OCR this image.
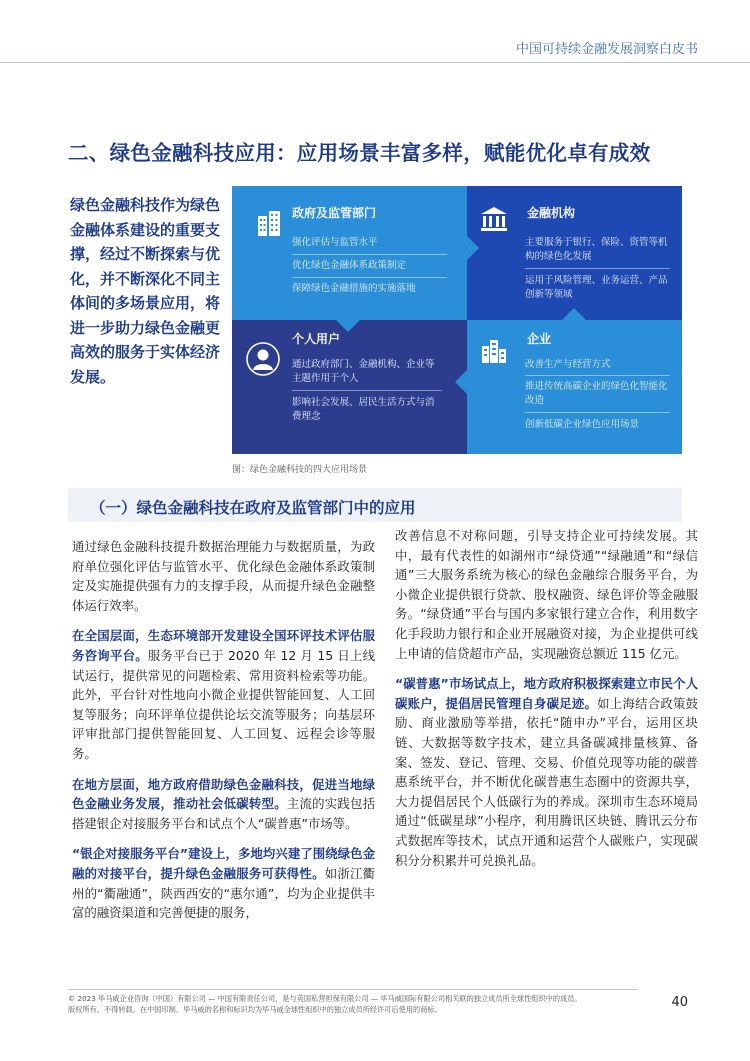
中国可持续金融发展洞察白皮书
二、绿色金融科技应用：应用场景丰富多样，赋能优化卓有成效
绿色金融科技作为绿色金融体系建设的重要支撑，经过不断探索与优化，并不断深化不同主体间的多场景应用，将进一步助力绿色金融更高效的服务于实体经济发展。
政府及监管部门
强化评估与监管水平
优化绿色金融体系政策制定
保障绿色金融措施的实施落地
金融机构
主要服务于银行、保险、资管等机构的绿色化发展
运用于风险管理、业务运营、产品创新等领域
个人用户
通过政府部门、金融机构、企业等主题作用于个人
影响社会发展、居民生活方式与消费理念
企业
改善生产与经营方式
推进传统高碳企业的绿色化智能化改造
创新低碳企业绿色应用场景
图：绿色金融科技的四大应用场景
（一）绿色金融科技在政府及监管部门中的应用

通过绿色金融科技提升数据治理能力与数据质量，为政府单位强化评估与监管水平、优化绿色金融体系政策制定及实施提供强有力的支撑手段，从而提升绿色金融整体运行效率。

在全国层面，生态环境部开发建设全国环评技术评估服务咨询平台。服务平台已于 2020 年 12 月 15 日上线试运行，提供常见的问题检索、常用资料检索等功能。此外，平台针对性地向小微企业提供智能回复、人工回复等服务；向环评单位提供论坛交流等服务；向基层环评审批部门提供智能回复、人工回复、远程会诊等服务。

在地方层面，地方政府借助绿色金融科技，促进当地绿色金融业务发展，推动社会低碳转型。主流的实践包括搭建银企对接服务平台和试点个人“碳普惠”市场等。

“银企对接服务平台”建设上，多地均兴建了围绕绿色金融的对接平台，提升绿色金融服务可获得性。如浙江衢州的“衢融通”，陕西西安的“惠尔通”，均为企业提供丰富的融资渠道和完善便捷的服务，

改善信息不对称问题，引导支持企业可持续发展。其中，最有代表性的如湖州市“绿贷通”“绿融通”和“绿信通”三大服务系统为核心的绿色金融综合服务平台，为小微企业提供银行贷款、股权融资、绿色评价等金融服务。“绿贷通”平台与国内多家银行建立合作，利用数字化手段助力银行和企业开展融资对接，为企业提供可线上申请的信贷超市产品，实现融资总额近 115 亿元。

“碳普惠”市场试点上，地方政府积极探索建立市民个人碳账户，提倡居民管理自身碳足迹。如上海结合政策鼓励、商业激励等举措，依托“随申办”平台，运用区块链、大数据等数字技术，建立具备碳减排量核算、备案、签发、登记、管理、交易、价值兑现等功能的碳普惠系统平台，并不断优化碳普惠生态圈中的资源共享，大力提倡居民个人低碳行为的养成。深圳市生态环境局通过“低碳星球”小程序，利用腾讯区块链、腾讯云分布式数据库等技术，试点开通和运营个人碳账户，实现碳积分分积累并可兑换礼品。

© 2023 毕马威企业咨询（中国）有限公司 — 中国有限责任公司，是与英国私营担保有限公司 — 毕马威国际有限公司相关联的独立成员所全球性组织中的成员。
版权所有，不得转载。在中国印制。毕马威的名称和标识均为毕马威全球性组织中的独立成员所经许可后使用的商标。	40
